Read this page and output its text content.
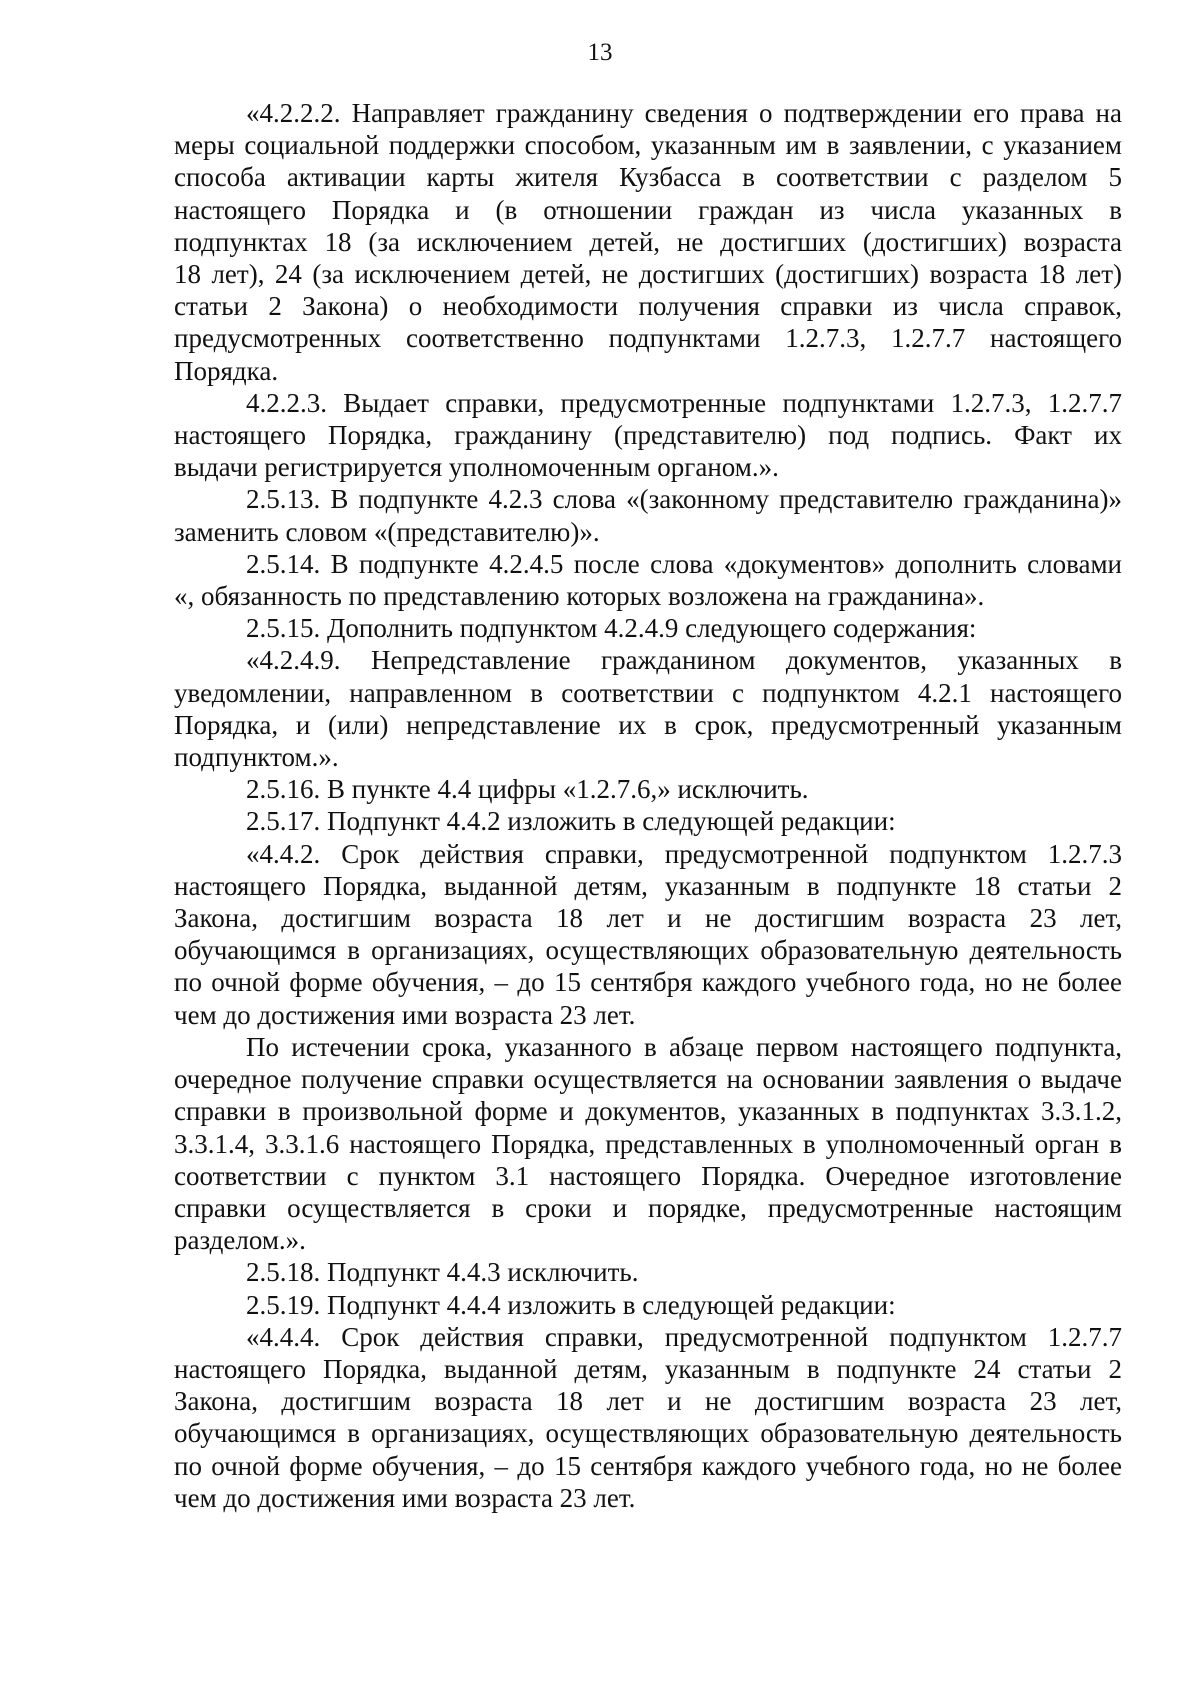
13
«4.2.2.2. Направляет гражданину сведения о подтверждении его права на
меры социальной поддержки способом, указанным им в заявлении, с указанием
способа активации карты жителя Кузбасса в соответствии с разделом 5
настоящего Порядка и (в отношении граждан из числа указанных в
подпунктах 18 (за исключением детей, не достигших (достигших) возраста
18 лет), 24 (за исключением детей, не достигших (достигших) возраста 18 лет)
статьи 2 Закона) о необходимости получения справки из числа справок,
предусмотренных соответственно подпунктами 1.2.7.3, 1.2.7.7 настоящего
Порядка.
4.2.2.3. Выдает справки, предусмотренные подпунктами 1.2.7.3, 1.2.7.7
настоящего Порядка, гражданину (представителю) под подпись. Факт их
выдачи регистрируется уполномоченным органом.».
2.5.13. В подпункте 4.2.3 слова «(законному представителю гражданина)»
заменить словом «(представителю)».
2.5.14. В подпункте 4.2.4.5 после слова «документов» дополнить словами
«, обязанность по представлению которых возложена на гражданина».
2.5.15. Дополнить подпунктом 4.2.4.9 следующего содержания:
«4.2.4.9. Непредставление гражданином документов, указанных в
уведомлении, направленном в соответствии с подпунктом 4.2.1 настоящего
Порядка, и (или) непредставление их в срок, предусмотренный указанным
подпунктом.».
2.5.16. В пункте 4.4 цифры «1.2.7.6,» исключить.
2.5.17. Подпункт 4.4.2 изложить в следующей редакции:
«4.4.2. Срок действия справки, предусмотренной подпунктом 1.2.7.3
настоящего Порядка, выданной детям, указанным в подпункте 18 статьи 2
Закона, достигшим возраста 18 лет и не достигшим возраста 23 лет,
обучающимся в организациях, осуществляющих образовательную деятельность
по очной форме обучения, – до 15 сентября каждого учебного года, но не более
чем до достижения ими возраста 23 лет.
По истечении срока, указанного в абзаце первом настоящего подпункта,
очередное получение справки осуществляется на основании заявления о выдаче
справки в произвольной форме и документов, указанных в подпунктах 3.3.1.2,
3.3.1.4, 3.3.1.6 настоящего Порядка, представленных в уполномоченный орган в
соответствии с пунктом 3.1 настоящего Порядка. Очередное изготовление
справки осуществляется в сроки и порядке, предусмотренные настоящим
разделом.».
2.5.18. Подпункт 4.4.3 исключить.
2.5.19. Подпункт 4.4.4 изложить в следующей редакции:
«4.4.4. Срок действия справки, предусмотренной подпунктом 1.2.7.7
настоящего Порядка, выданной детям, указанным в подпункте 24 статьи 2
Закона, достигшим возраста 18 лет и не достигшим возраста 23 лет,
обучающимся в организациях, осуществляющих образовательную деятельность
по очной форме обучения, – до 15 сентября каждого учебного года, но не более
чем до достижения ими возраста 23 лет.
